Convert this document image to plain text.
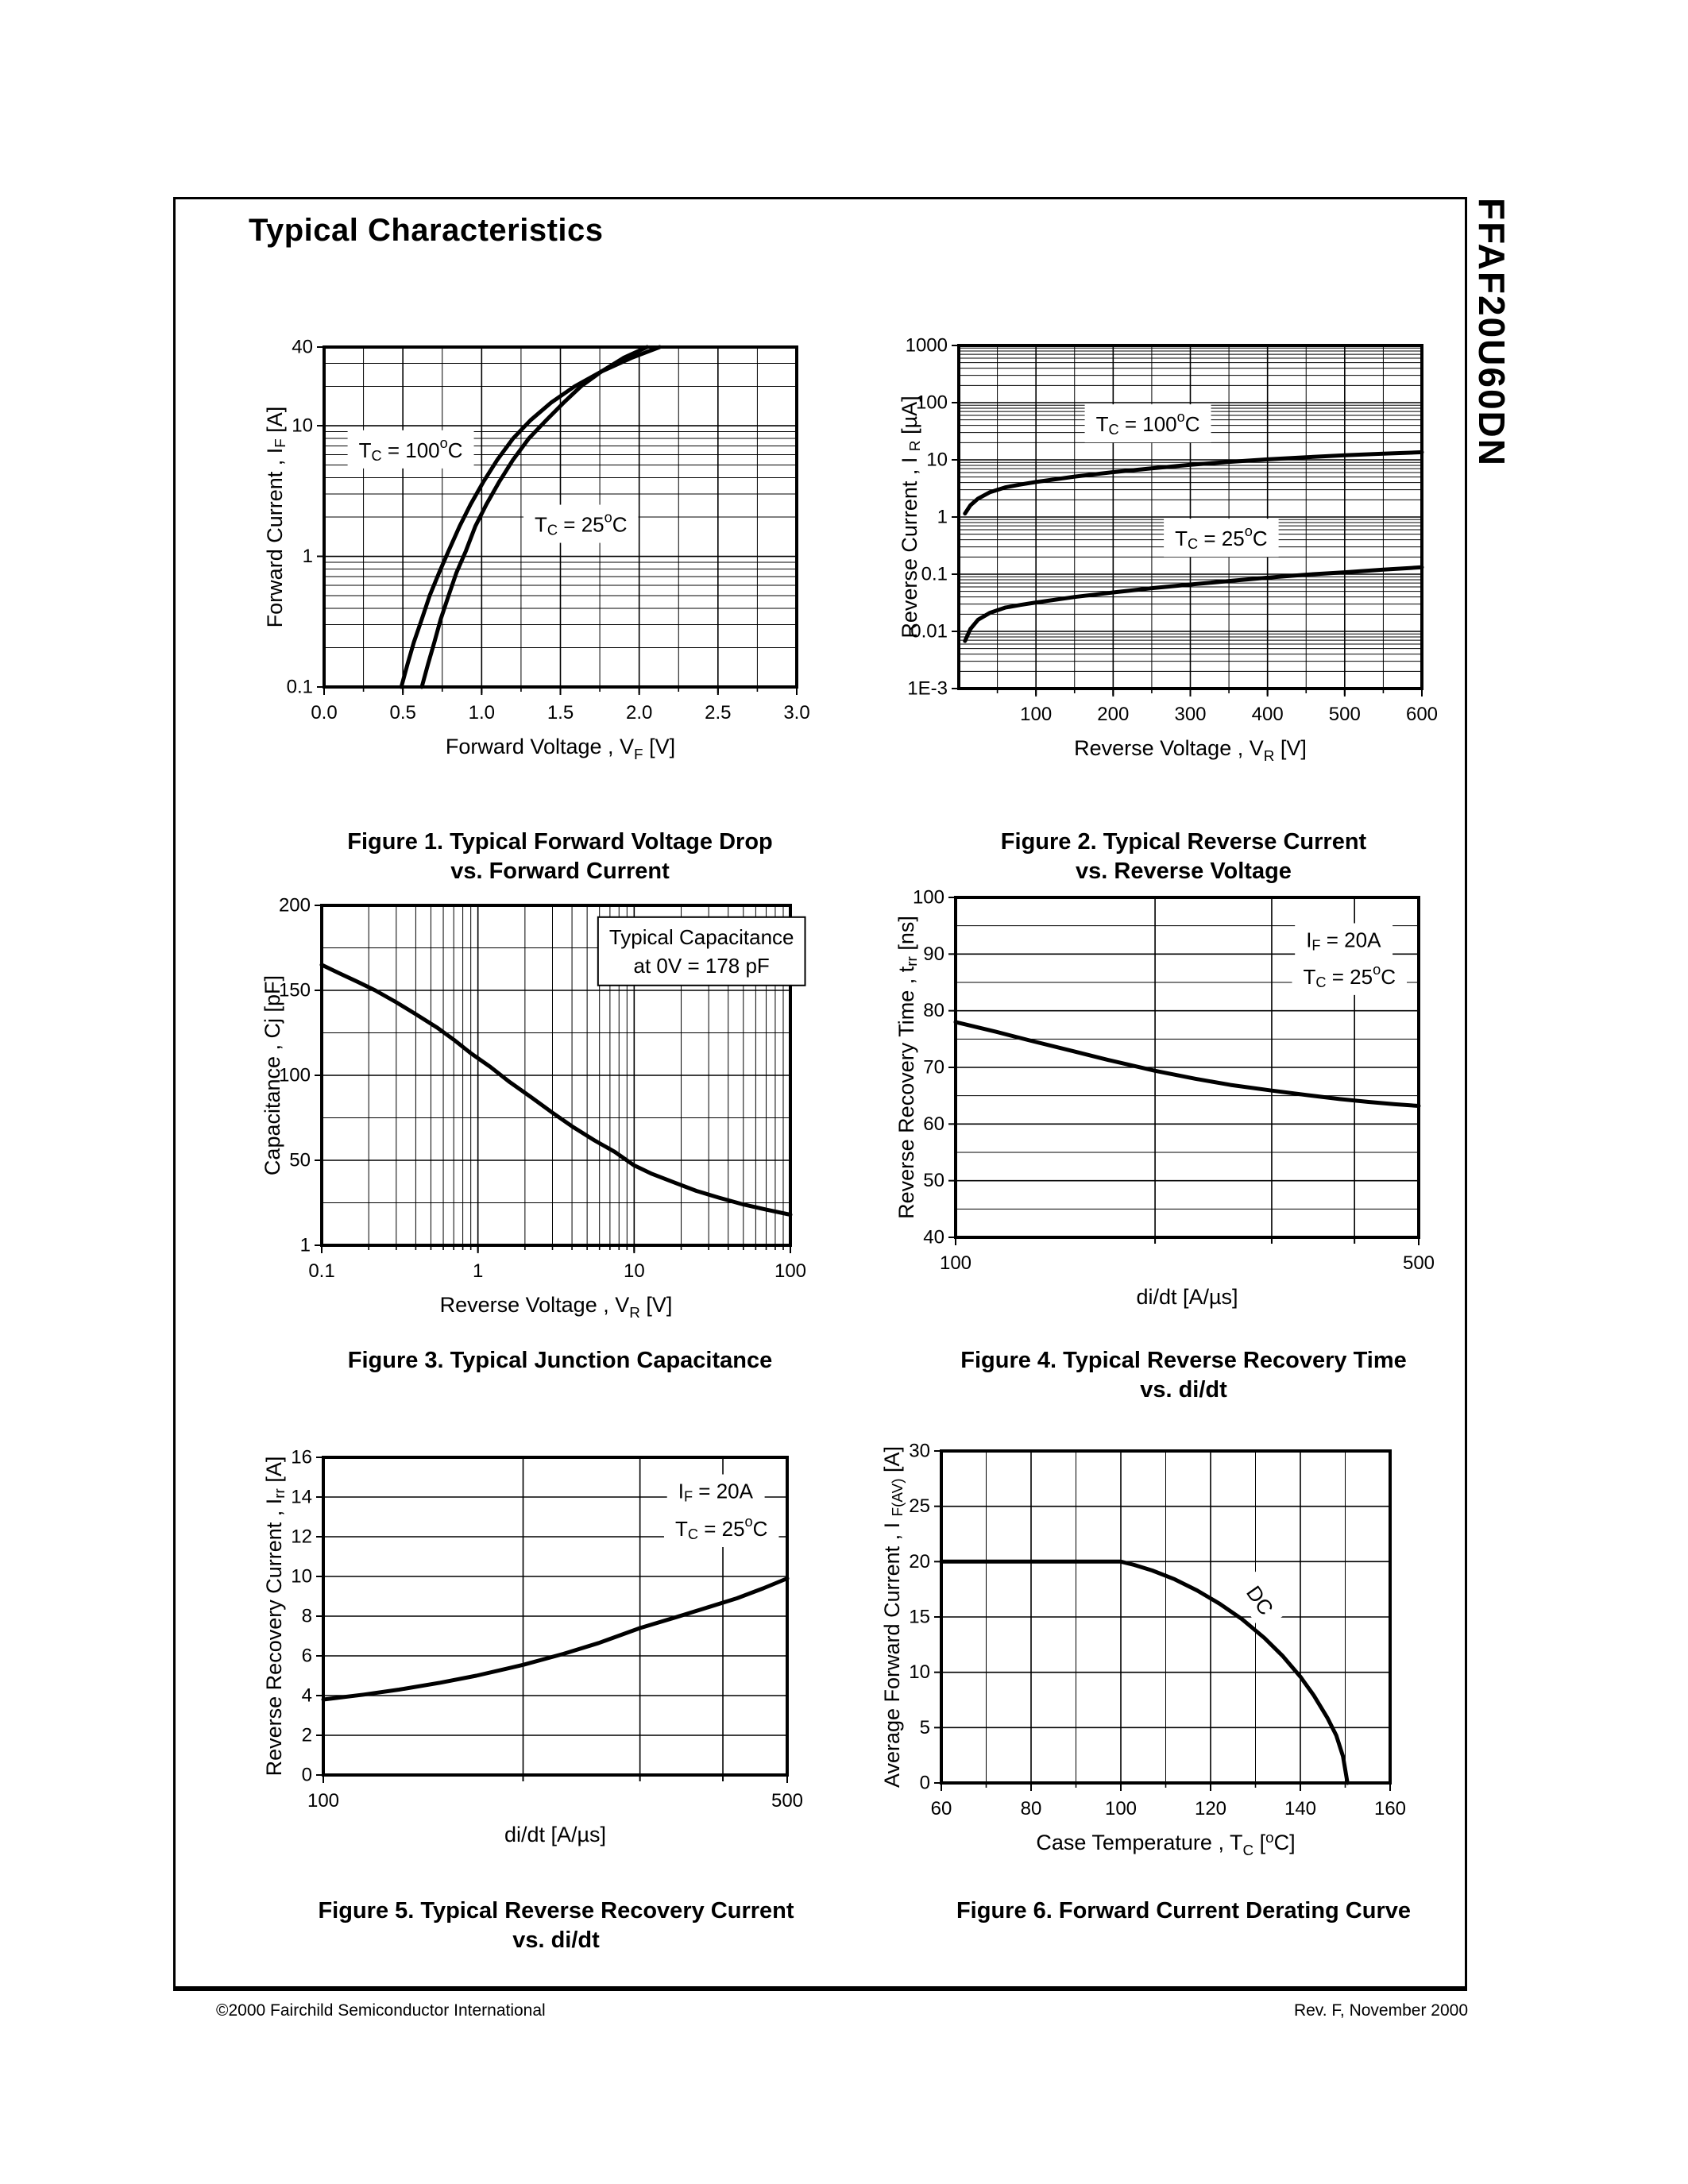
Typical Characteristics	FFAF20U60DN
0.0	0.5	1.0	1.5	2.0	2.5	3.0
0.1
1
10
40
$T_C = 100^oC$
$T_C = 25^oC$
Forward Voltage , $V_F$ [V]
Forward Current , $I_F$ [A]
100 200 300 400 500 600
1000
100
10
1
0.1
0.01
1E-3
$T_C = 100^oC$
$T_C = 25^oC$
Reverse Voltage , $V_R$ [V]
Reverse Current , I $_R$ [µA]
0.1	1	10	100
200
150
100
50
1
Typical Capacitance
at 0V = 178 pF
Reverse Voltage , $V_R$ [V]
Capacitance , Cj [pF]
100	500
100
90
80
70
60
50
40
$I_F = 20A$
$T_C = 25^oC$
di/dt [A/µs]
Reverse Recovery Time , $t_{rr}$ [ns]
100	500
16
14
12
10
8
6
4
2
0
$I_F = 20A$
$T_C = 25^oC$
di/dt [A/µs]
Reverse Recovery Current , $I_{rr}$ [A]
60	80	100	120	140	160
30
25
20
15
10
5
0
DC
Case Temperature , $T_C$ [$^o$C]
Average Forward Current , I $_{F(AV)}$ [A]
Figure 1. Typical Forward Voltage Drop
vs. Forward Current
Figure 2. Typical Reverse Current
vs. Reverse Voltage
Figure 3. Typical Junction Capacitance	Figure 4. Typical Reverse Recovery Time
vs. di/dt
Figure 5. Typical Reverse Recovery Current
vs. di/dt
Figure 6. Forward Current Derating Curve
©2000 Fairchild Semiconductor International	Rev. F, November 2000
